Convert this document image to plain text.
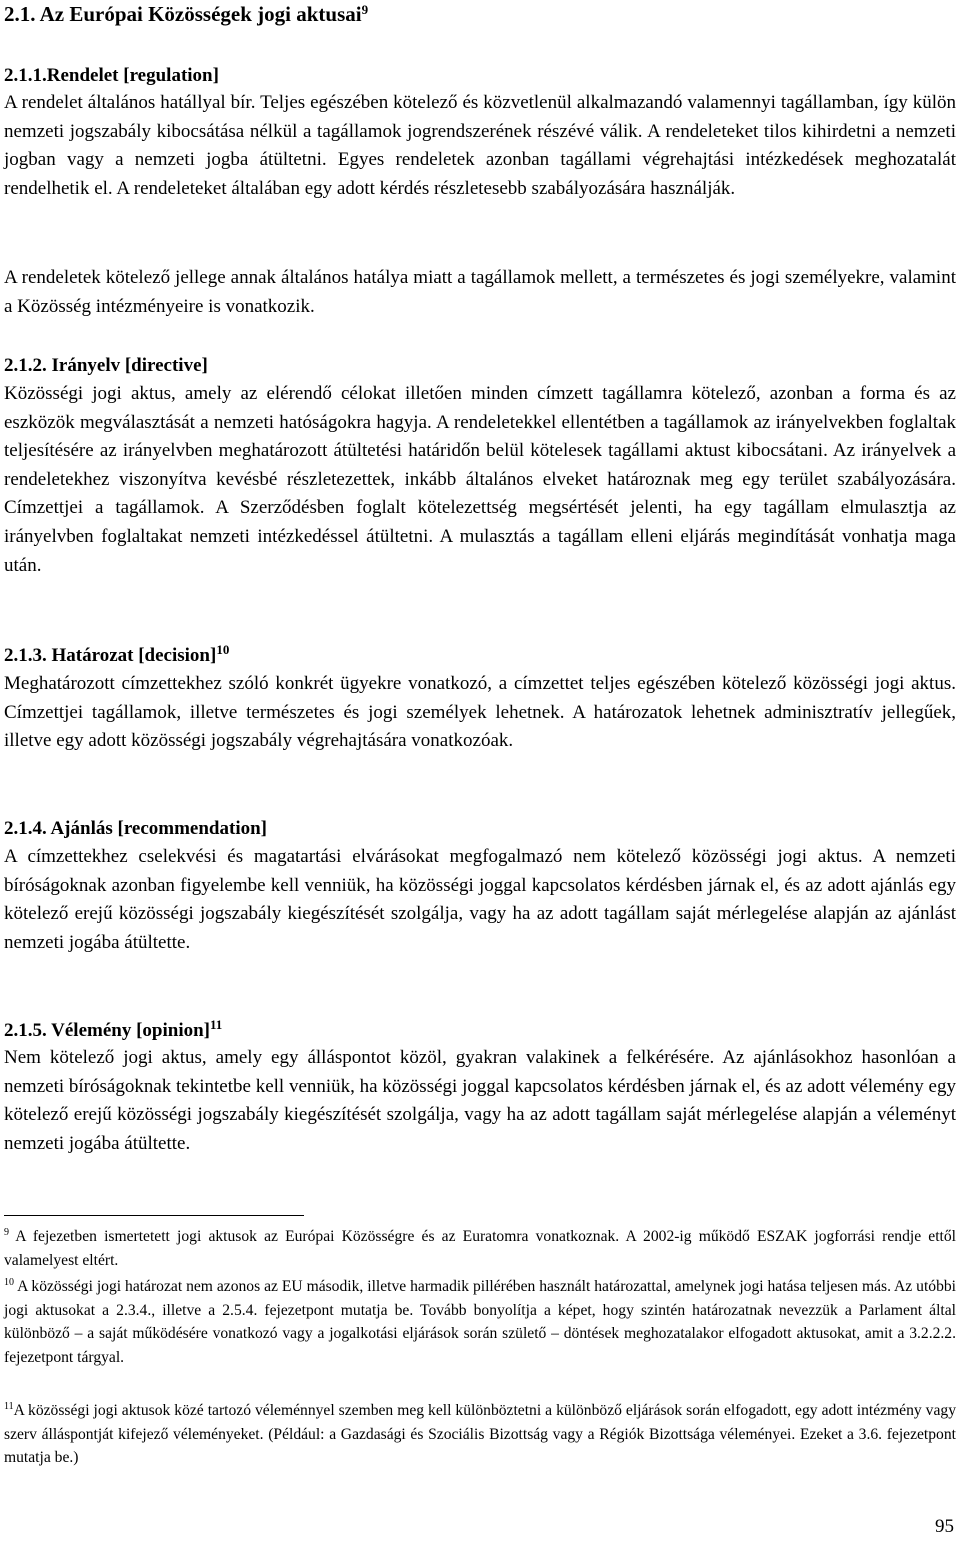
2.1. Az Európai Közösségek jogi aktusai$^9$
2.1.1.Rendelet [regulation]

A rendelet általános hatállyal bír. Teljes egészében kötelező és közvetlenül alkalmazandó valamennyi tagállamban, így külön nemzeti jogszabály kibocsátása nélkül a tagállamok jogrendszerének részévé válik. A rendeleteket tilos kihirdetni a nemzeti jogban vagy a nemzeti jogba átültetni. Egyes rendeletek azonban tagállami végrehajtási intézkedések meghozatalát rendelhetik el. A rendeleteket általában egy adott kérdés részletesebb szabályozására használják.

A rendeletek kötelező jellege annak általános hatálya miatt a tagállamok mellett, a természetes és jogi személyekre, valamint a Közösség intézményeire is vonatkozik.

2.1.2. Irányelv [directive]

Közösségi jogi aktus, amely az elérendő célokat illetően minden címzett tagállamra kötelező, azonban a forma és az eszközök megválasztását a nemzeti hatóságokra hagyja. A rendeletekkel ellentétben a tagállamok az irányelvekben foglaltak teljesítésére az irányelvben meghatározott átültetési határidőn belül kötelesek tagállami aktust kibocsátani. Az irányelvek a rendeletekhez viszonyítva kevésbé részletezettek, inkább általános elveket határoznak meg egy terület szabályozására. Címzettjei a tagállamok. A Szerződésben foglalt kötelezettség megsértését jelenti, ha egy tagállam elmulasztja az irányelvben foglaltakat nemzeti intézkedéssel átültetni. A mulasztás a tagállam elleni eljárás megindítását vonhatja maga után.

2.1.3. Határozat [decision]$^{10}$

Meghatározott címzettekhez szóló konkrét ügyekre vonatkozó, a címzettet teljes egészében kötelező közösségi jogi aktus. Címzettjei tagállamok, illetve természetes és jogi személyek lehetnek. A határozatok lehetnek adminisztratív jellegűek, illetve egy adott közösségi jogszabály végrehajtására vonatkozóak.

2.1.4. Ajánlás [recommendation]

A címzettekhez cselekvési és magatartási elvárásokat megfogalmazó nem kötelező közösségi jogi aktus. A nemzeti bíróságoknak azonban figyelembe kell venniük, ha közösségi joggal kapcsolatos kérdésben járnak el, és az adott ajánlás egy kötelező erejű közösségi jogszabály kiegészítését szolgálja, vagy ha az adott tagállam saját mérlegelése alapján az ajánlást nemzeti jogába átültette.

2.1.5. Vélemény [opinion]$^{11}$

Nem kötelező jogi aktus, amely egy álláspontot közöl, gyakran valakinek a felkérésére. Az ajánlásokhoz hasonlóan a nemzeti bíróságoknak tekintetbe kell venniük, ha közösségi joggal kapcsolatos kérdésben járnak el, és az adott vélemény egy kötelező erejű közösségi jogszabály kiegészítését szolgálja, vagy ha az adott tagállam saját mérlegelése alapján a véleményt nemzeti jogába átültette.

$^9$ A fejezetben ismertetett jogi aktusok az Európai Közösségre és az Euratomra vonatkoznak. A 2002-ig működő ESZAK jogforrási rendje ettől valamelyest eltért.

$^{10}$ A közösségi jogi határozat nem azonos az EU második, illetve harmadik pillérében használt határozattal, amelynek jogi hatása teljesen más. Az utóbbi jogi aktusokat a 2.3.4., illetve a 2.5.4. fejezetpont mutatja be. Tovább bonyolítja a képet, hogy szintén határozatnak nevezzük a Parlament által különböző – a saját működésére vonatkozó vagy a jogalkotási eljárások során születő – döntések meghozatalakor elfogadott aktusokat, amit a 3.2.2.2. fejezetpont tárgyal.

$^{11}$A közösségi jogi aktusok közé tartozó véleménnyel szemben meg kell különböztetni a különböző eljárások során elfogadott, egy adott intézmény vagy szerv álláspontját kifejező véleményeket. (Például: a Gazdasági és Szociális Bizottság vagy a Régiók Bizottsága véleményei. Ezeket a 3.6. fejezetpont mutatja be.)

95
